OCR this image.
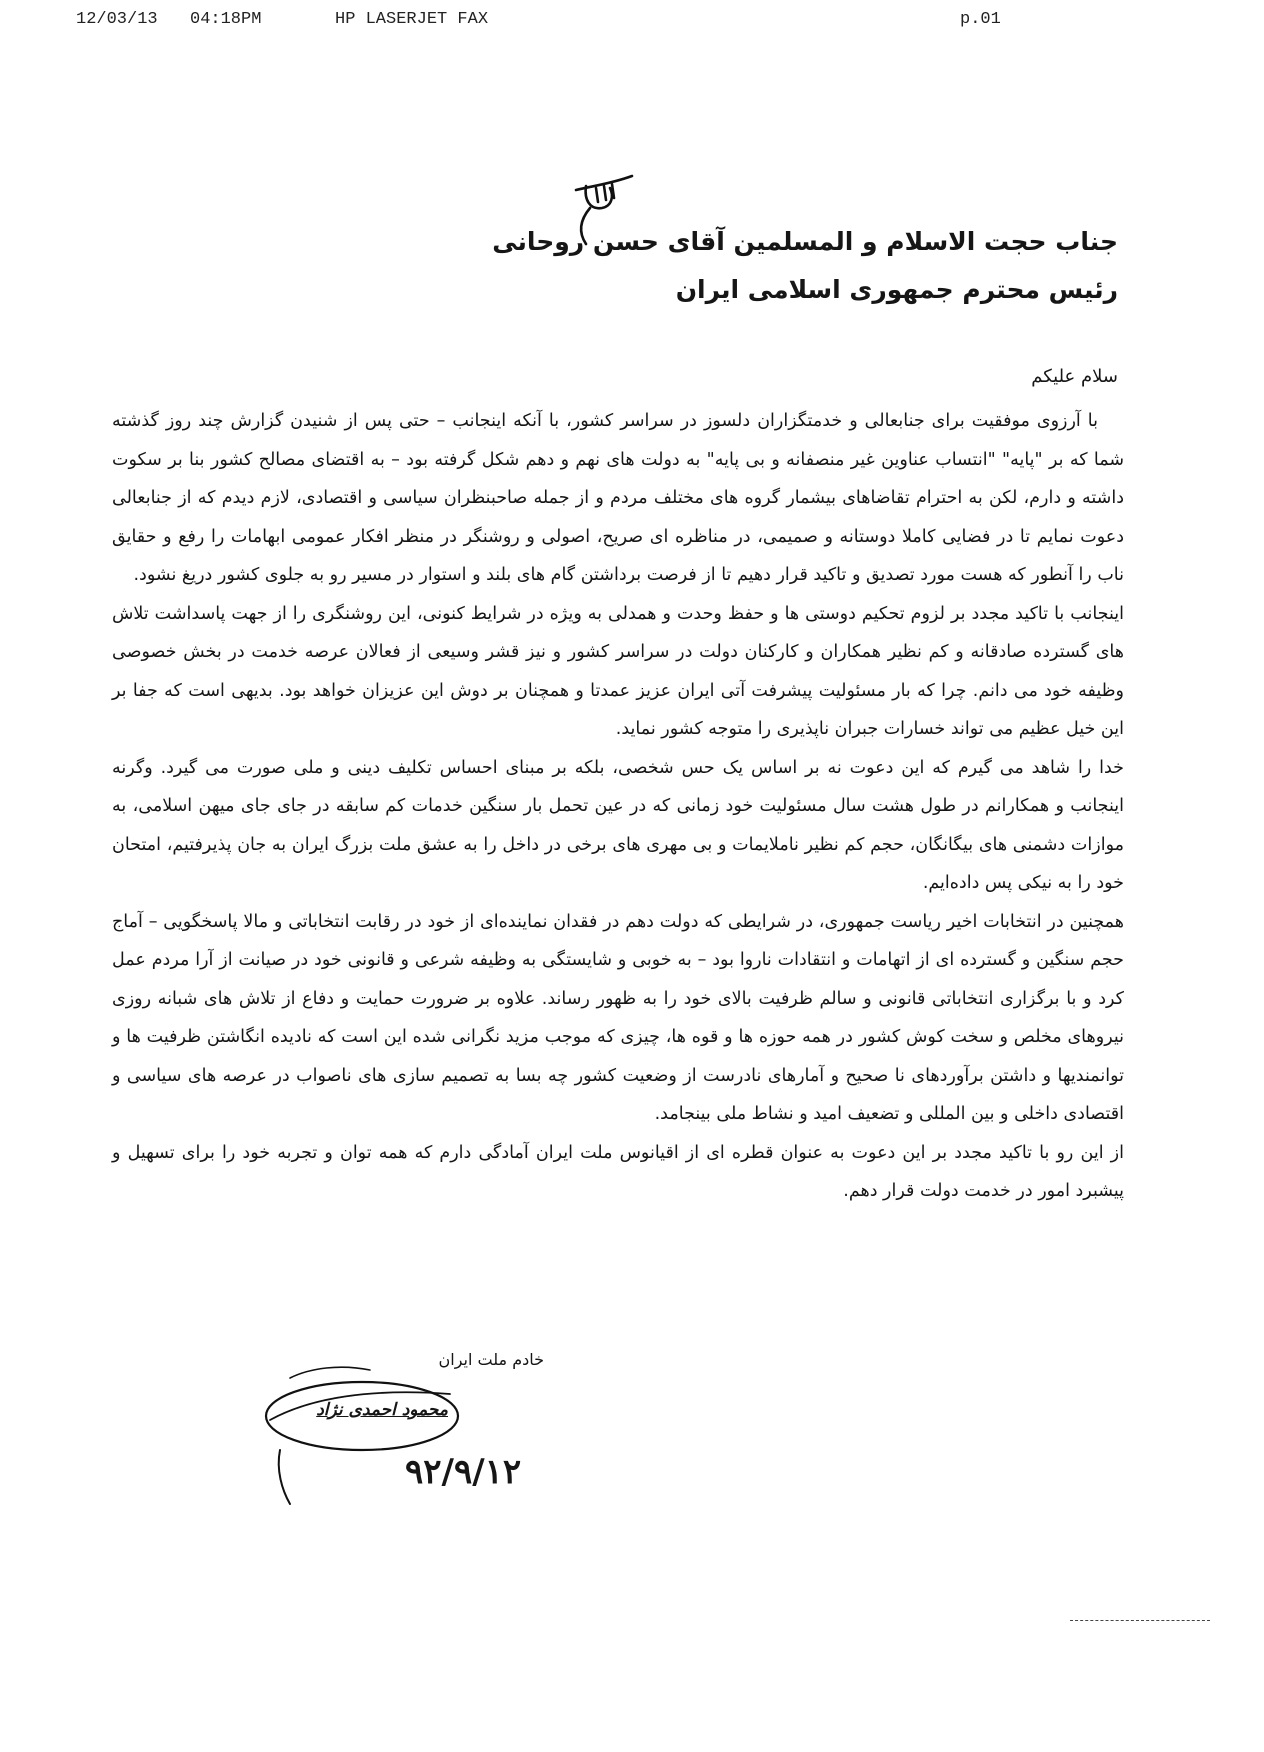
12/03/13 04:18PM	HP LASERJET FAX	p.01
جناب حجت الاسلام و المسلمین آقای حسن روحانی
رئیس محترم جمهوری اسلامی ایران
سلام علیکم

با آرزوی موفقیت برای جنابعالی و خدمتگزاران دلسوز در سراسر کشور، با آنکه اینجانب – حتی پس از شنیدن گزارش چند روز گذشته شما که بر "پایه" "انتساب عناوین غیر منصفانه و بی پایه" به دولت های نهم و دهم شکل گرفته بود – به اقتضای مصالح کشور بنا بر سکوت داشته و دارم، لکن به احترام تقاضاهای بیشمار گروه های مختلف مردم و از جمله صاحبنظران سیاسی و اقتصادی، لازم دیدم که از جنابعالی دعوت نمایم تا در فضایی کاملا دوستانه و صمیمی، در مناظره ای صریح، اصولی و روشنگر در منظر افکار عمومی ابهامات را رفع و حقایق ناب را آنطور که هست مورد تصدیق و تاکید قرار دهیم تا از فرصت برداشتن گام های بلند و استوار در مسیر رو به جلوی کشور دریغ نشود.

اینجانب با تاکید مجدد بر لزوم تحکیم دوستی ها و حفظ وحدت و همدلی به ویژه در شرایط کنونی، این روشنگری را از جهت پاسداشت تلاش های گسترده صادقانه و کم نظیر همکاران و کارکنان دولت در سراسر کشور و نیز قشر وسیعی از فعالان عرصه خدمت در بخش خصوصی وظیفه خود می دانم. چرا که بار مسئولیت پیشرفت آتی ایران عزیز عمدتا و همچنان بر دوش این عزیزان خواهد بود. بدیهی است که جفا بر این خیل عظیم می تواند خسارات جبران ناپذیری را متوجه کشور نماید.

خدا را شاهد می گیرم که این دعوت نه بر اساس یک حس شخصی، بلکه بر مبنای احساس تکلیف دینی و ملی صورت می گیرد. وگرنه اینجانب و همکارانم در طول هشت سال مسئولیت خود زمانی که در عین تحمل بار سنگین خدمات کم سابقه در جای جای میهن اسلامی، به موازات دشمنی های بیگانگان، حجم کم نظیر ناملایمات و بی مهری های برخی در داخل را به عشق ملت بزرگ ایران به جان پذیرفتیم، امتحان خود را به نیکی پس داده‌ایم.

همچنین در انتخابات اخیر ریاست جمهوری، در شرایطی که دولت دهم در فقدان نماینده‌ای از خود در رقابت انتخاباتی و مالا پاسخگویی – آماج حجم سنگین و گسترده ای از اتهامات و انتقادات ناروا بود – به خوبی و شایستگی به وظیفه شرعی و قانونی خود در صیانت از آرا مردم عمل کرد و با برگزاری انتخاباتی قانونی و سالم ظرفیت بالای خود را به ظهور رساند. علاوه بر ضرورت حمایت و دفاع از تلاش های شبانه روزی نیروهای مخلص و سخت کوش کشور در همه حوزه ها و قوه ها، چیزی که موجب مزید نگرانی شده این است که نادیده انگاشتن ظرفیت ها و توانمندیها و داشتن برآوردهای نا صحیح و آمارهای نادرست از وضعیت کشور چه بسا به تصمیم سازی های ناصواب در عرصه های سیاسی و اقتصادی داخلی و بین المللی و تضعیف امید و نشاط ملی بینجامد.

از این رو با تاکید مجدد بر این دعوت به عنوان قطره ای از اقیانوس ملت ایران آمادگی دارم که همه توان و تجربه خود را برای تسهیل و پیشبرد امور در خدمت دولت قرار دهم.

خادم ملت ایران
محمود احمدی نژاد
۹۲/۹/۱۲
